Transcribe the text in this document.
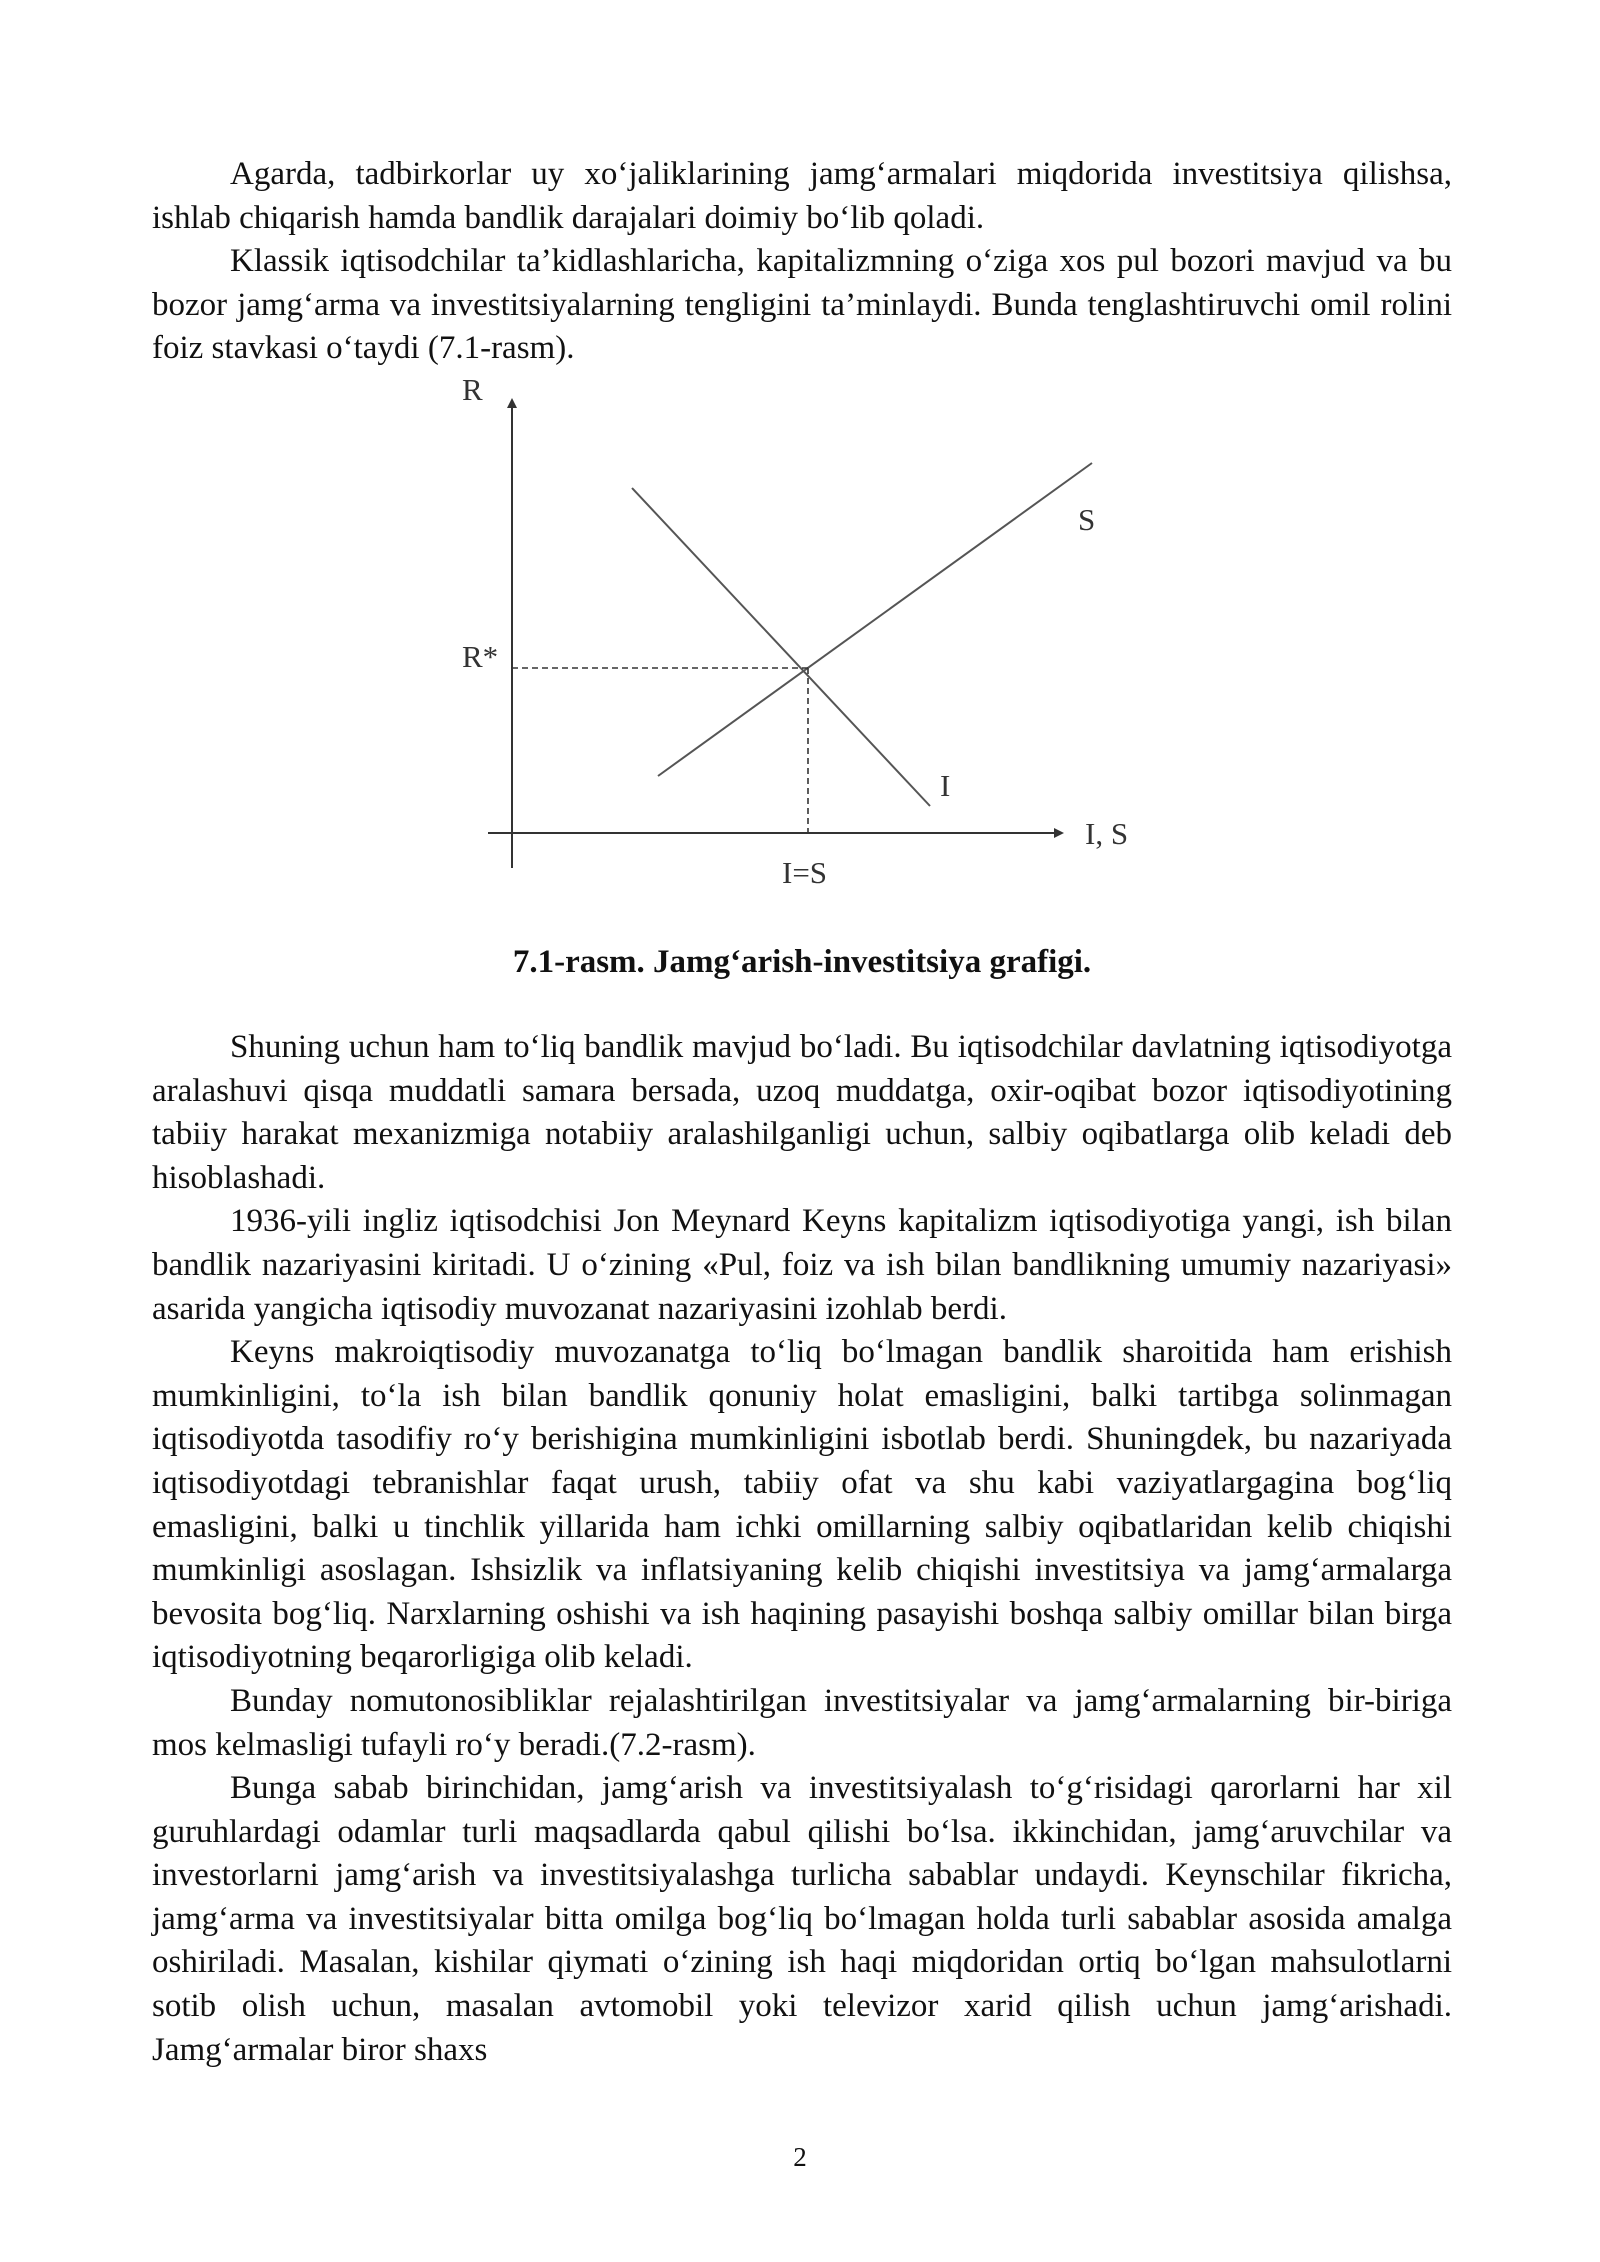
Agarda, tadbirkorlar uy xo‘jaliklarining jamg‘armalari miqdorida investitsiya qilishsa, ishlab chiqarish hamda bandlik darajalari doimiy bo‘lib qoladi.

Klassik iqtisodchilar ta’kidlashlaricha, kapitalizmning o‘ziga xos pul bozori mavjud va bu bozor jamg‘arma va investitsiyalarning tengligini ta’minlaydi. Bunda tenglashtiruvchi omil rolini foiz stavkasi o‘taydi (7.1-rasm).

R
I, S
R*
I=S
S
I
7.1-rasm. Jamg‘arish-investitsiya grafigi.

Shuning uchun ham to‘liq bandlik mavjud bo‘ladi. Bu iqtisodchilar davlatning iqtisodiyotga aralashuvi qisqa muddatli samara bersada, uzoq muddatga, oxir-oqibat bozor iqtisodiyotining tabiiy harakat mexanizmiga notabiiy aralashilganligi uchun, salbiy oqibatlarga olib keladi deb hisoblashadi.

1936-yili ingliz iqtisodchisi Jon Meynard Keyns kapitalizm iqtisodiyotiga yangi, ish bilan bandlik nazariyasini kiritadi. U o‘zining «Pul, foiz va ish bilan bandlikning umumiy nazariyasi» asarida yangicha iqtisodiy muvozanat nazariyasini izohlab berdi.

Keyns makroiqtisodiy muvozanatga to‘liq bo‘lmagan bandlik sharoitida ham erishish mumkinligini, to‘la ish bilan bandlik qonuniy holat emasligini, balki tartibga solinmagan iqtisodiyotda tasodifiy ro‘y berishigina mumkinligini isbotlab berdi. Shuningdek, bu nazariyada iqtisodiyotdagi tebranishlar faqat urush, tabiiy ofat va shu kabi vaziyatlargagina bog‘liq emasligini, balki u tinchlik yillarida ham ichki omillarning salbiy oqibatlaridan kelib chiqishi mumkinligi asoslagan. Ishsizlik va inflatsiyaning kelib chiqishi investitsiya va jamg‘armalarga bevosita bog‘liq. Narxlarning oshishi va ish haqining pasayishi boshqa salbiy omillar bilan birga iqtisodiyotning beqarorligiga olib keladi.

Bunday nomutonosibliklar rejalashtirilgan investitsiyalar va jamg‘armalarning bir-biriga mos kelmasligi tufayli ro‘y beradi.(7.2-rasm).

Bunga sabab birinchidan, jamg‘arish va investitsiyalash to‘g‘risidagi qarorlarni har xil guruhlardagi odamlar turli maqsadlarda qabul qilishi bo‘lsa. ikkinchidan, jamg‘aruvchilar va investorlarni jamg‘arish va investitsiyalashga turlicha sabablar undaydi. Keynschilar fikricha, jamg‘arma va investitsiyalar bitta omilga bog‘liq bo‘lmagan holda turli sabablar asosida amalga oshiriladi. Masalan, kishilar qiymati o‘zining ish haqi miqdoridan ortiq bo‘lgan mahsulotlarni sotib olish uchun, masalan avtomobil yoki televizor xarid qilish uchun jamg‘arishadi. Jamg‘armalar biror shaxs

2
